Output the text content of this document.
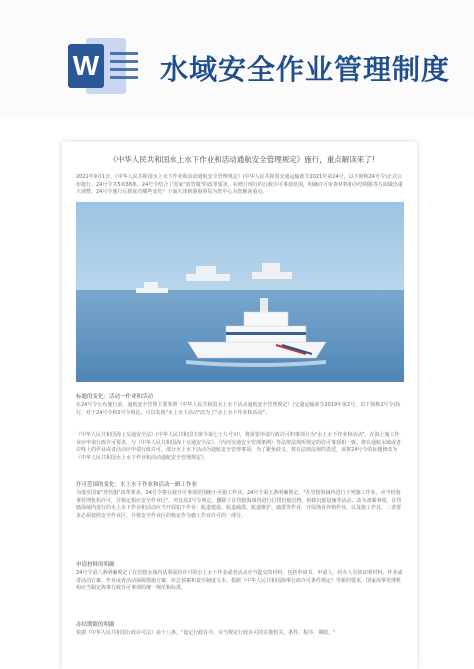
W 水域安全作业管理制度
《中华人民共和国水上水下作业和活动通航安全管理规定》施行，重点解读来了!
2021年9月1日，《中华人民共和国水上水下作业和活动通航安全管理规定》(中华人民共和国交通运输部令2021年第24号，以下简称24号令)正式公布施行。24号令共5章38条。24号令结合了国家"放管服"的改革要求，在修订现行的行政许可事项范围，明确许可审查材料和办结期限等方面做出重大调整。24号令施行后到底有哪些变化？下面天津新港海事局为您中心为您解读重点。
标题的变化：活动一作业和活动
在24号令公布施行前，通航安全管理主要参照《中华人民共和国水上水下活动通航安全管理规定》(交通运输部令2019年第2号，以下简称2号令)执行，对于24号令和2号令相比，可以发现"水上水下活动"改为了"水上水下作业和活动"。
《中华人民共和国海上交通安全法》(中华人民共和国主席令第七十九号)中，将需要申请行政许可的事项分为"水上水下作业和活动"。在海上施工作业应申请行政许可要求，与《中华人民共和国海上交通安全法》、《内河交通安全管理条例》等法律法规所规定的许可事项相一致。将在通航水域或者岸线上的作业或者活动应申请行政许可，部分水上水下活动为通航安全管理事项，为了避免歧义，将在法律法规的表述，该将24号令的标题修改为《中华人民共和国水上水下作业和活动通航安全管理规定》。
许可范围的变化：水上水下作业和活动一路工作业
为落实国家"放管服"改革要求，24号令将行政许可事项范围缩小至施工作业。24号令第五条明确规定，"在管辖海域内进行下列施工作业，应当经海事管理机构许可，并核定相应安全作业区"。对比原2号令规定，删除了在管辖海域内进行打捞沉船沉物、拆除沉船设施等活动，改为备案事项。在管辖海域内进行的水上水下作业和活动应当开展如下作业：航道建设、航道疏浚、航道维护、疏浚等作业，开展渔业养殖作业，以及施工作业。二者要求必须按照安全作业区，并将安全作业区的核定作为施工作业许可的一部分。
申请材料的明确
24号令第八条明确规定了在管辖水域内从事需经许可的水上水下作业或者活动应当提交的材料，包括申请书、申请人、经办人有效证明材料、作业或者活动方案、作业或者活动保障措施方案，应急预案和责任制度文本。根据《中华人民共和国海事行政许可条件规定》等新的要求，国家海事管理机构应当制定海事行政许可事项的统一规范和标准。
办结期限的明确
依据《中华人民共和国行政许可法》第十八条，"设定行政许可，应当规定行政许可的实施机关、条件、程序、期限。"
